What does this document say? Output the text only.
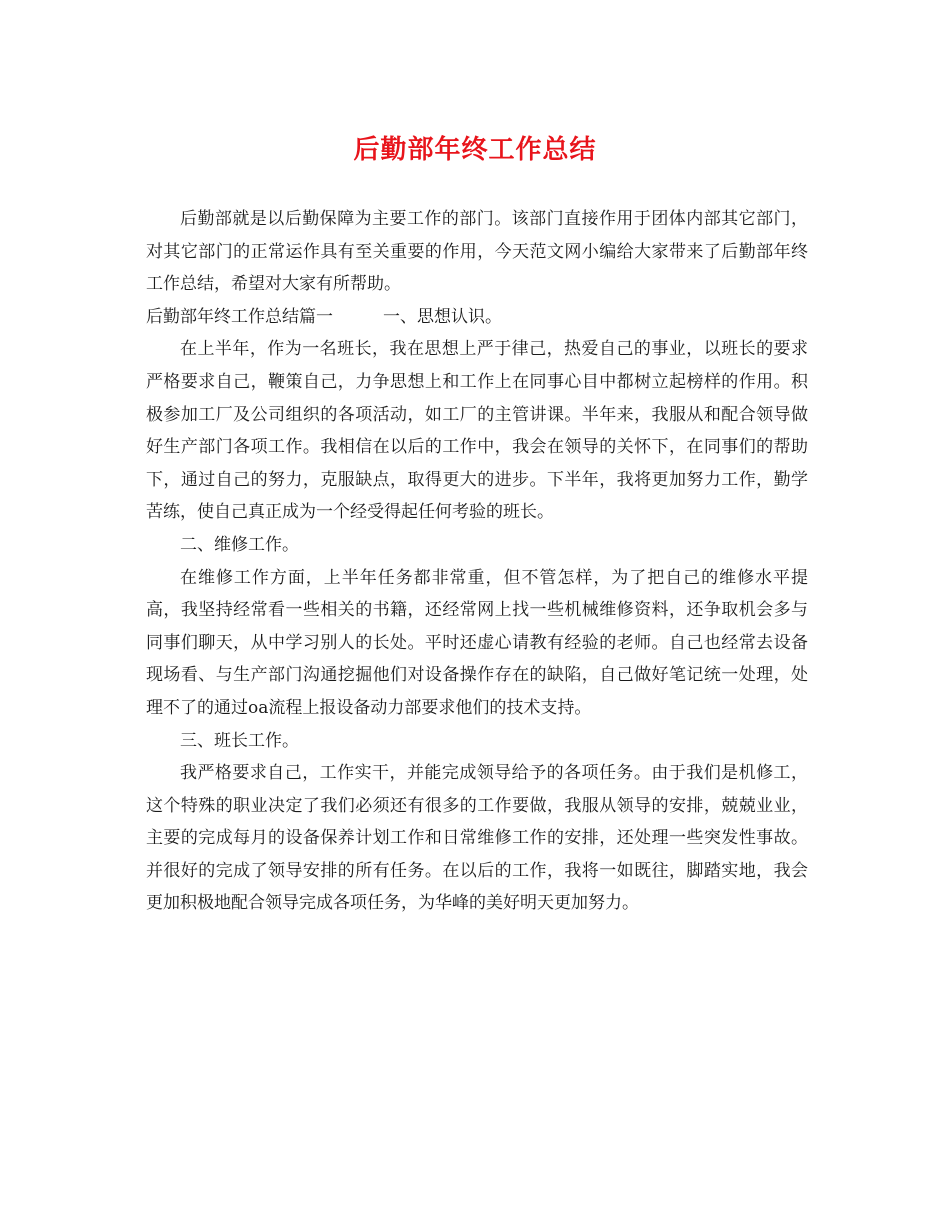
后勤部年终工作总结

后勤部就是以后勤保障为主要工作的部门。该部门直接作用于团体内部其它部门，对其它部门的正常运作具有至关重要的作用，今天范文网小编给大家带来了后勤部年终工作总结，希望对大家有所帮助。

后勤部年终工作总结篇一	一、思想认识。

在上半年，作为一名班长，我在思想上严于律己，热爱自己的事业，以班长的要求严格要求自己，鞭策自己，力争思想上和工作上在同事心目中都树立起榜样的作用。积极参加工厂及公司组织的各项活动，如工厂的主管讲课。半年来，我服从和配合领导做好生产部门各项工作。我相信在以后的工作中，我会在领导的关怀下，在同事们的帮助下，通过自己的努力，克服缺点，取得更大的进步。下半年，我将更加努力工作，勤学苦练，使自己真正成为一个经受得起任何考验的班长。

二、维修工作。

在维修工作方面，上半年任务都非常重，但不管怎样，为了把自己的维修水平提高，我坚持经常看一些相关的书籍，还经常网上找一些机械维修资料，还争取机会多与同事们聊天，从中学习别人的长处。平时还虚心请教有经验的老师。自己也经常去设备现场看、与生产部门沟通挖掘他们对设备操作存在的缺陷，自己做好笔记统一处理，处理不了的通过oa流程上报设备动力部要求他们的技术支持。

三、班长工作。

我严格要求自己，工作实干，并能完成领导给予的各项任务。由于我们是机修工，这个特殊的职业决定了我们必须还有很多的工作要做，我服从领导的安排，兢兢业业，主要的完成每月的设备保养计划工作和日常维修工作的安排，还处理一些突发性事故。并很好的完成了领导安排的所有任务。在以后的工作，我将一如既往，脚踏实地，我会更加积极地配合领导完成各项任务，为华峰的美好明天更加努力。
